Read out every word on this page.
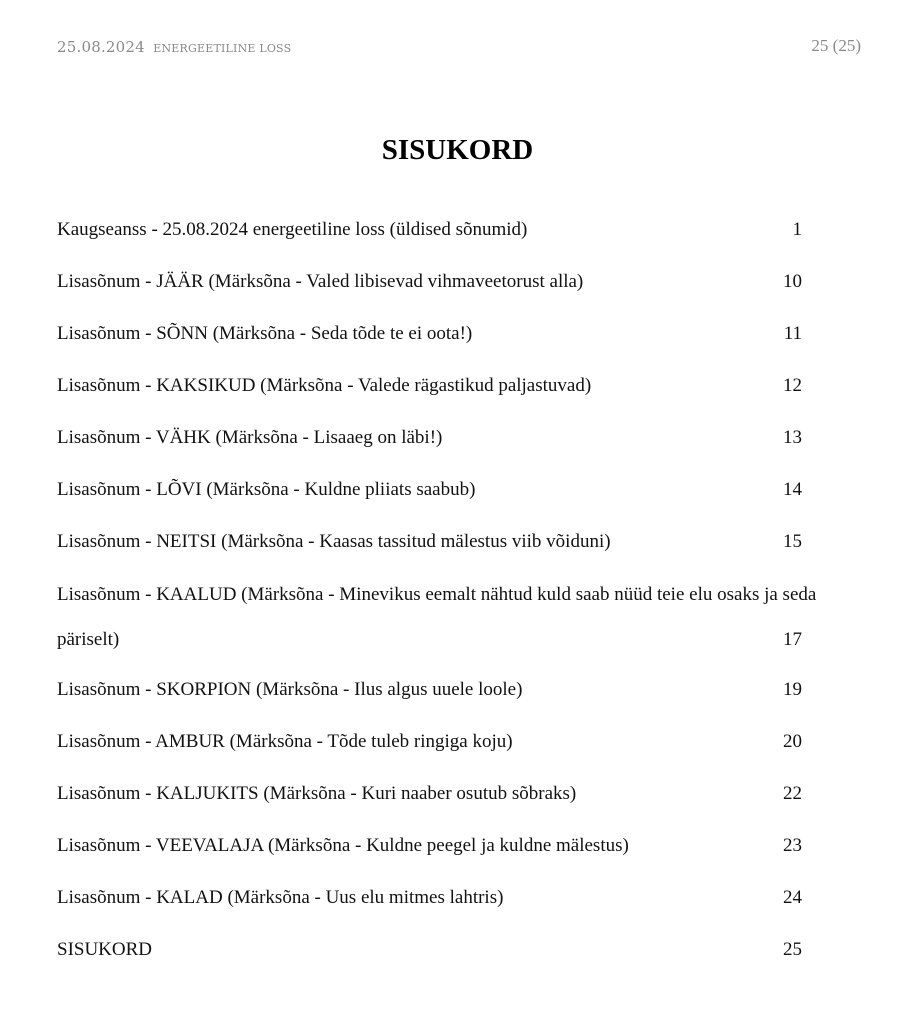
25.08.2024 ENERGEETILINE LOSS	25 (25)
SISUKORD
Kaugseanss - 25.08.2024 energeetiline loss (üldised sõnumid)	1
Lisasõnum - JÄÄR (Märksõna - Valed libisevad vihmaveetorust alla)	10
Lisasõnum - SÕNN (Märksõna - Seda tõde te ei oota!)	11
Lisasõnum - KAKSIKUD (Märksõna - Valede rägastikud paljastuvad)	12
Lisasõnum - VÄHK (Märksõna - Lisaaeg on läbi!)	13
Lisasõnum - LÕVI (Märksõna - Kuldne pliiats saabub)	14
Lisasõnum - NEITSI (Märksõna - Kaasas tassitud mälestus viib võiduni)	15
Lisasõnum - KAALUD (Märksõna - Minevikus eemalt nähtud kuld saab nüüd teie elu osaks ja seda päriselt)	17
Lisasõnum - SKORPION (Märksõna - Ilus algus uuele loole)	19
Lisasõnum - AMBUR (Märksõna - Tõde tuleb ringiga koju)	20
Lisasõnum - KALJUKITS (Märksõna - Kuri naaber osutub sõbraks)	22
Lisasõnum - VEEVALAJA (Märksõna - Kuldne peegel ja kuldne mälestus)	23
Lisasõnum - KALAD (Märksõna - Uus elu mitmes lahtris)	24
SISUKORD	25
